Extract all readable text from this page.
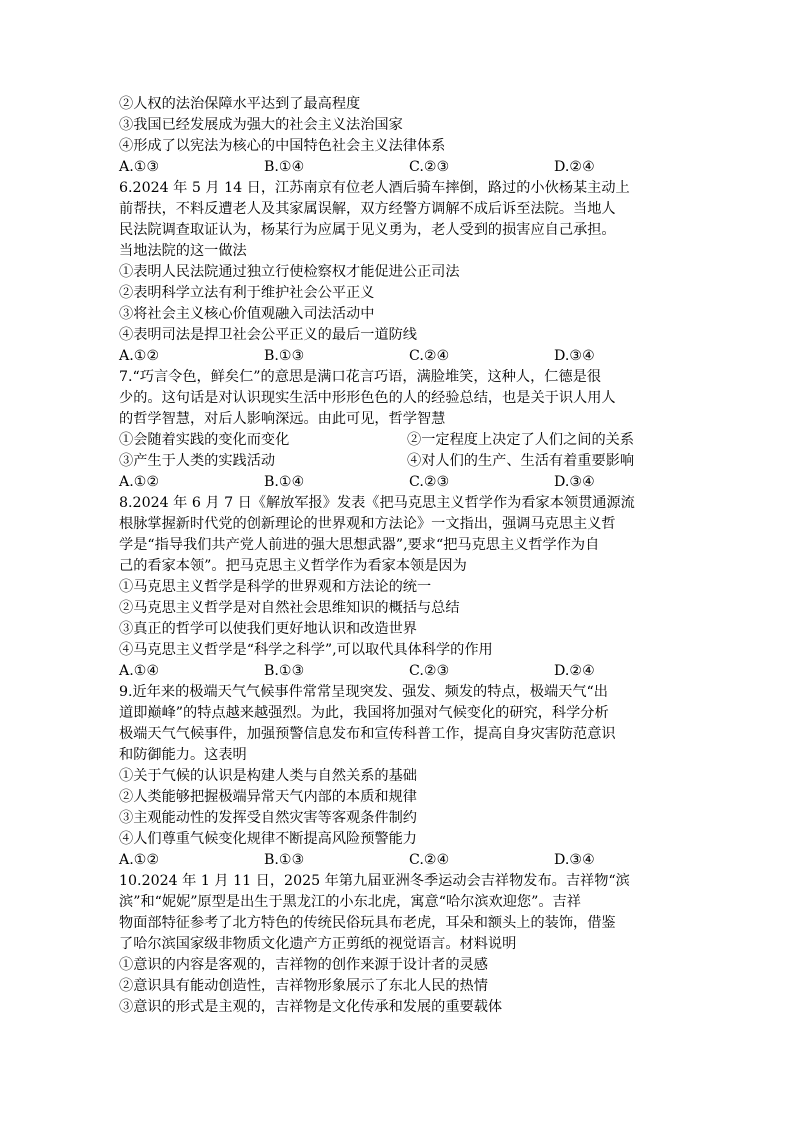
②人权的法治保障水平达到了最高程度
③我国已经发展成为强大的社会主义法治国家
④形成了以宪法为核心的中国特色社会主义法律体系
A.①③	B.①④	C.②③	D.②④
6.2024 年 5 月 14 日，江苏南京有位老人酒后骑车摔倒，路过的小伙杨某主动上
前帮扶，不料反遭老人及其家属误解，双方经警方调解不成后诉至法院。当地人
民法院调查取证认为，杨某行为应属于见义勇为，老人受到的损害应自己承担。
当地法院的这一做法
①表明人民法院通过独立行使检察权才能促进公正司法
②表明科学立法有利于维护社会公平正义
③将社会主义核心价值观融入司法活动中
④表明司法是捍卫社会公平正义的最后一道防线
A.①②	B.①③	C.②④	D.③④
7.“巧言令色，鲜矣仁”的意思是满口花言巧语，满脸堆笑，这种人，仁德是很
少的。这句话是对认识现实生活中形形色色的人的经验总结，也是关于识人用人
的哲学智慧，对后人影响深远。由此可见，哲学智慧
①会随着实践的变化而变化	②一定程度上决定了人们之间的关系
③产生于人类的实践活动	④对人们的生产、生活有着重要影响
A.①②	B.①④	C.②③	D.③④
8.2024 年 6 月 7 日《解放军报》发表《把马克思主义哲学作为看家本领贯通源流
根脉掌握新时代党的创新理论的世界观和方法论》一文指出，强调马克思主义哲
学是“指导我们共产党人前进的强大思想武器”,要求“把马克思主义哲学作为自
己的看家本领”。把马克思主义哲学作为看家本领是因为
①马克思主义哲学是科学的世界观和方法论的统一
②马克思主义哲学是对自然社会思维知识的概括与总结
③真正的哲学可以使我们更好地认识和改造世界
④马克思主义哲学是“科学之科学”,可以取代具体科学的作用
A.①④	B.①③	C.②③	D.②④
9.近年来的极端天气气候事件常常呈现突发、强发、频发的特点，极端天气“出
道即巅峰”的特点越来越强烈。为此，我国将加强对气候变化的研究，科学分析
极端天气气候事件，加强预警信息发布和宣传科普工作，提高自身灾害防范意识
和防御能力。这表明
①关于气候的认识是构建人类与自然关系的基础
②人类能够把握极端异常天气内部的本质和规律
③主观能动性的发挥受自然灾害等客观条件制约
④人们尊重气候变化规律不断提高风险预警能力
A.①②	B.①③	C.②④	D.③④
10.2024 年 1 月 11 日，2025 年第九届亚洲冬季运动会吉祥物发布。吉祥物“滨
滨”和“妮妮”原型是出生于黑龙江的小东北虎，寓意“哈尔滨欢迎您”。吉祥
物面部特征参考了北方特色的传统民俗玩具布老虎，耳朵和额头上的装饰，借鉴
了哈尔滨国家级非物质文化遗产方正剪纸的视觉语言。材料说明
①意识的内容是客观的，吉祥物的创作来源于设计者的灵感
②意识具有能动创造性，吉祥物形象展示了东北人民的热情
③意识的形式是主观的，吉祥物是文化传承和发展的重要载体
